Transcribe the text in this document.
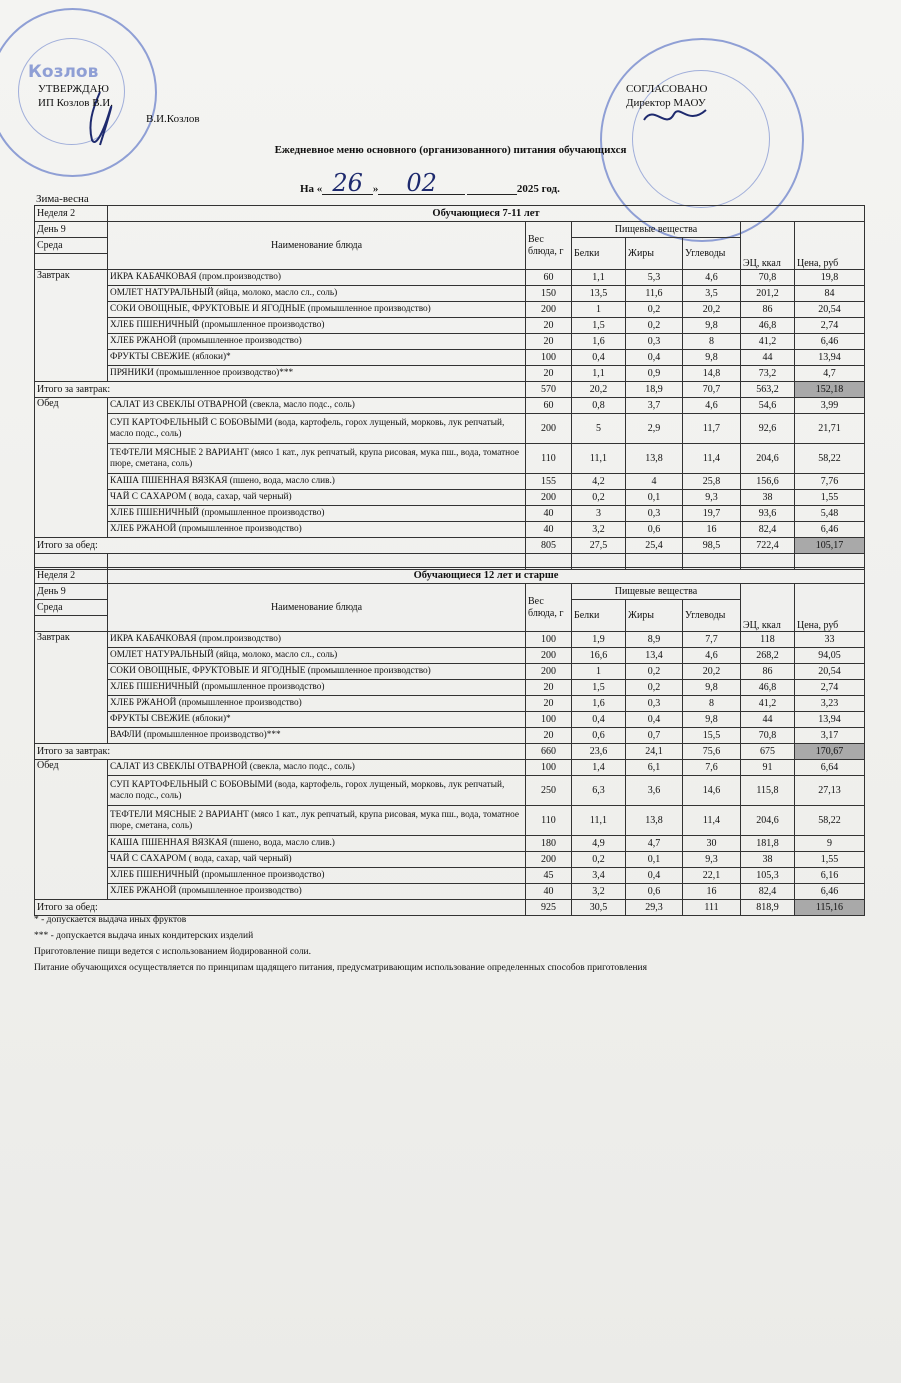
Козлов
УТВЕРЖДАЮ
ИП Козлов В.И.
В.И.Козлов
СОГЛАСОВАНО
Директор МАОУ
Ежедневное меню основного (организованного) питания обучающихся
На « 26 » 02	2025 год.
Зима-весна
Неделя 2	Обучающиеся 7-11 лет						
День 9	Наименование блюда	Вес блюда, г	Пищевые вещества			ЭЦ, ккал	Цена, руб
Среда			Белки	Жиры	Углеводы		

Завтрак	ИКРА КАБАЧКОВАЯ (пром.производство)	60	1,1	5,3	4,6	70,8	19,8
	ОМЛЕТ НАТУРАЛЬНЫЙ (яйца, молоко, масло сл., соль)	150	13,5	11,6	3,5	201,2	84
	СОКИ ОВОЩНЫЕ, ФРУКТОВЫЕ И ЯГОДНЫЕ (промышленное производство)	200	1	0,2	20,2	86	20,54
	ХЛЕБ ПШЕНИЧНЫЙ (промышленное производство)	20	1,5	0,2	9,8	46,8	2,74
	ХЛЕБ РЖАНОЙ (промышленное производство)	20	1,6	0,3	8	41,2	6,46
	ФРУКТЫ СВЕЖИЕ (яблоки)*	100	0,4	0,4	9,8	44	13,94
	ПРЯНИКИ (промышленное производство)***	20	1,1	0,9	14,8	73,2	4,7
Итого за завтрак:		570	20,2	18,9	70,7	563,2	152,18
Обед	САЛАТ ИЗ СВЕКЛЫ ОТВАРНОЙ (свекла, масло подс., соль)	60	0,8	3,7	4,6	54,6	3,99
	СУП КАРТОФЕЛЬНЫЙ С БОБОВЫМИ (вода, картофель, горох лущеный, морковь, лук репчатый, масло подс., соль)	200	5	2,9	11,7	92,6	21,71
	ТЕФТЕЛИ МЯСНЫЕ 2 ВАРИАНТ (мясо 1 кат., лук репчатый, крупа рисовая, мука пш., вода, томатное пюре, сметана, соль)	110	11,1	13,8	11,4	204,6	58,22
	КАША ПШЕННАЯ ВЯЗКАЯ (пшено, вода, масло слив.)	155	4,2	4	25,8	156,6	7,76
	ЧАЙ С САХАРОМ ( вода, сахар, чай черный)	200	0,2	0,1	9,3	38	1,55
	ХЛЕБ ПШЕНИЧНЫЙ (промышленное производство)	40	3	0,3	19,7	93,6	5,48
	ХЛЕБ РЖАНОЙ (промышленное производство)	40	3,2	0,6	16	82,4	6,46
Итого за обед:		805	27,5	25,4	98,5	722,4	105,17

Неделя 2	Обучающиеся 12 лет и старше						
День 9	Наименование блюда	Вес блюда, г	Пищевые вещества			ЭЦ, ккал	Цена, руб
Среда			Белки	Жиры	Углеводы		

Завтрак	ИКРА КАБАЧКОВАЯ (пром.производство)	100	1,9	8,9	7,7	118	33
	ОМЛЕТ НАТУРАЛЬНЫЙ (яйца, молоко, масло сл., соль)	200	16,6	13,4	4,6	268,2	94,05
	СОКИ ОВОЩНЫЕ, ФРУКТОВЫЕ И ЯГОДНЫЕ (промышленное производство)	200	1	0,2	20,2	86	20,54
	ХЛЕБ ПШЕНИЧНЫЙ (промышленное производство)	20	1,5	0,2	9,8	46,8	2,74
	ХЛЕБ РЖАНОЙ (промышленное производство)	20	1,6	0,3	8	41,2	3,23
	ФРУКТЫ СВЕЖИЕ (яблоки)*	100	0,4	0,4	9,8	44	13,94
	ВАФЛИ (промышленное производство)***	20	0,6	0,7	15,5	70,8	3,17
Итого за завтрак:		660	23,6	24,1	75,6	675	170,67
Обед	САЛАТ ИЗ СВЕКЛЫ ОТВАРНОЙ (свекла, масло подс., соль)	100	1,4	6,1	7,6	91	6,64
	СУП КАРТОФЕЛЬНЫЙ С БОБОВЫМИ (вода, картофель, горох лущеный, морковь, лук репчатый, масло подс., соль)	250	6,3	3,6	14,6	115,8	27,13
	ТЕФТЕЛИ МЯСНЫЕ 2 ВАРИАНТ (мясо 1 кат., лук репчатый, крупа рисовая, мука пш., вода, томатное пюре, сметана, соль)	110	11,1	13,8	11,4	204,6	58,22
	КАША ПШЕННАЯ ВЯЗКАЯ (пшено, вода, масло слив.)	180	4,9	4,7	30	181,8	9
	ЧАЙ С САХАРОМ ( вода, сахар, чай черный)	200	0,2	0,1	9,3	38	1,55
	ХЛЕБ ПШЕНИЧНЫЙ (промышленное производство)	45	3,4	0,4	22,1	105,3	6,16
	ХЛЕБ РЖАНОЙ (промышленное производство)	40	3,2	0,6	16	82,4	6,46
Итого за обед:		925	30,5	29,3	111	818,9	115,16
* - допускается выдача иных фруктов
*** - допускается выдача иных кондитерских изделий
Приготовление пищи ведется с использованием йодированной соли.
Питание обучающихся осуществляется по принципам щадящего питания, предусматривающим использование определенных способов приготовления
